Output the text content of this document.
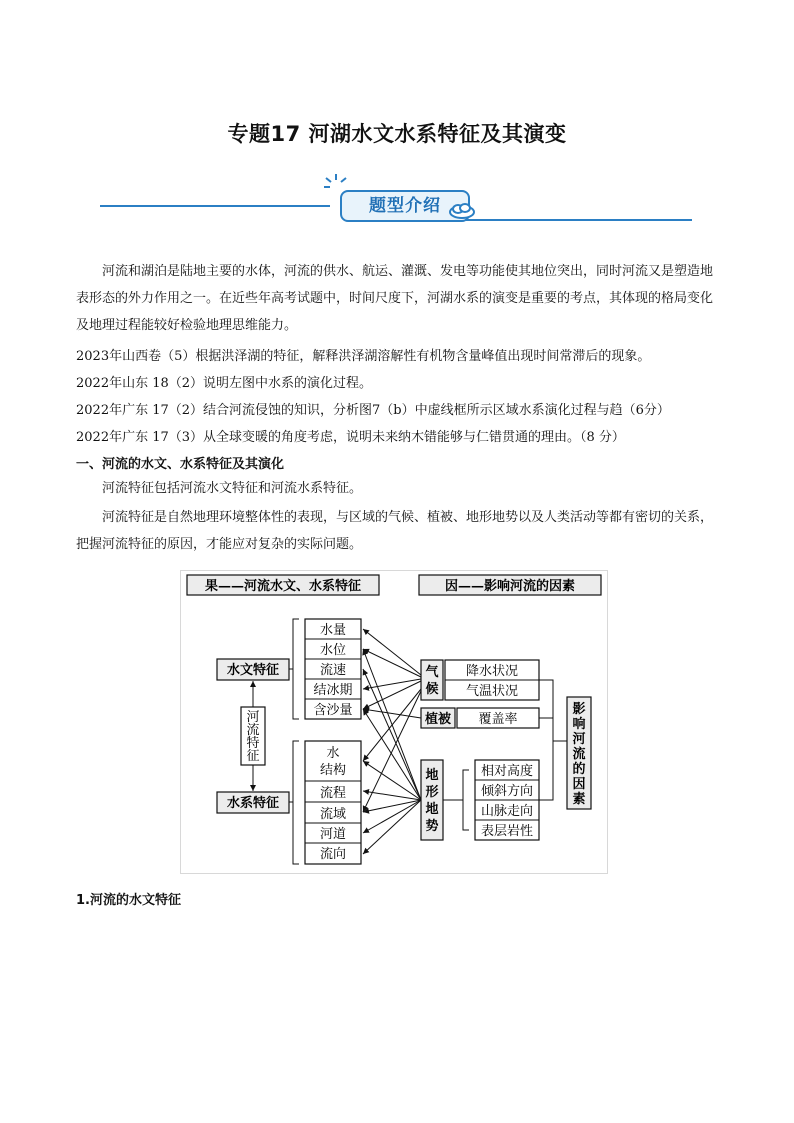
专题17 河湖水文水系特征及其演变
题型介绍
河流和湖泊是陆地主要的水体，河流的供水、航运、灌溉、发电等功能使其地位突出，同时河流又是塑造地表形态的外力作用之一。在近些年高考试题中，时间尺度下，河湖水系的演变是重要的考点，其体现的格局变化及地理过程能较好检验地理思维能力。
2023年山西卷（5）根据洪泽湖的特征，解释洪泽湖溶解性有机物含量峰值出现时间常滞后的现象。
2022年山东 18（2）说明左图中水系的演化过程。
2022年广东 17（2）结合河流侵蚀的知识，分析图7（b）中虚线框所示区域水系演化过程与趋（6分）
2022年广东 17（3）从全球变暖的角度考虑，说明未来纳木错能够与仁错贯通的理由。（8 分）
一、河流的水文、水系特征及其演化
河流特征包括河流水文特征和河流水系特征。
河流特征是自然地理环境整体性的表现，与区域的气候、植被、地形地势以及人类活动等都有密切的关系，把握河流特征的原因，才能应对复杂的实际问题。
果——河流水文、水系特征	因——影响河流的因素
河
流
特
征
水文特征
水系特征
水量
水位
流速
结冰期
含沙量
水
结构
流程
流域
河道
流向
气
候
降水状况
气温状况
植被 覆盖率
地
形
地
势
相对高度
倾斜方向
山脉走向
表层岩性
影
响
河
流
的
因
素
1.河流的水文特征
